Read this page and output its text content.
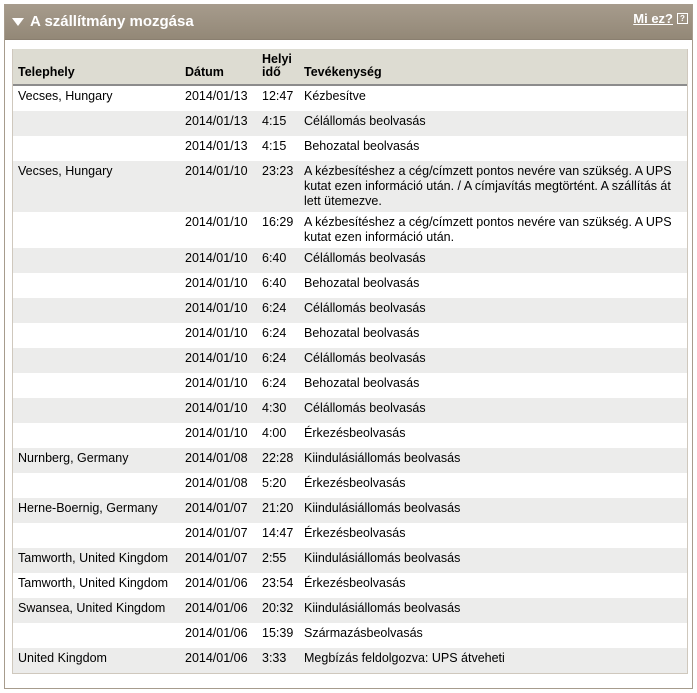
A szállítmány mozgása	Mi ez? ?
Telephely	Dátum	Helyi idő	Tevékenység
Vecses, Hungary	2014/01/13	12:47	Kézbesítve
	2014/01/13	4:15	Célállomás beolvasás
	2014/01/13	4:15	Behozatal beolvasás
Vecses, Hungary	2014/01/10	23:23	A kézbesítéshez a cég/címzett pontos nevére van szükség. A UPS kutat ezen információ után. / A címjavítás megtörtént. A szállítás át lett ütemezve.
	2014/01/10	16:29	A kézbesítéshez a cég/címzett pontos nevére van szükség. A UPS kutat ezen információ után.
	2014/01/10	6:40	Célállomás beolvasás
	2014/01/10	6:40	Behozatal beolvasás
	2014/01/10	6:24	Célállomás beolvasás
	2014/01/10	6:24	Behozatal beolvasás
	2014/01/10	6:24	Célállomás beolvasás
	2014/01/10	6:24	Behozatal beolvasás
	2014/01/10	4:30	Célállomás beolvasás
	2014/01/10	4:00	Érkezésbeolvasás
Nurnberg, Germany	2014/01/08	22:28	Kiindulásiállomás beolvasás
	2014/01/08	5:20	Érkezésbeolvasás
Herne-Boernig, Germany	2014/01/07	21:20	Kiindulásiállomás beolvasás
	2014/01/07	14:47	Érkezésbeolvasás
Tamworth, United Kingdom	2014/01/07	2:55	Kiindulásiállomás beolvasás
Tamworth, United Kingdom	2014/01/06	23:54	Érkezésbeolvasás
Swansea, United Kingdom	2014/01/06	20:32	Kiindulásiállomás beolvasás
	2014/01/06	15:39	Származásbeolvasás
United Kingdom	2014/01/06	3:33	Megbízás feldolgozva: UPS átveheti
